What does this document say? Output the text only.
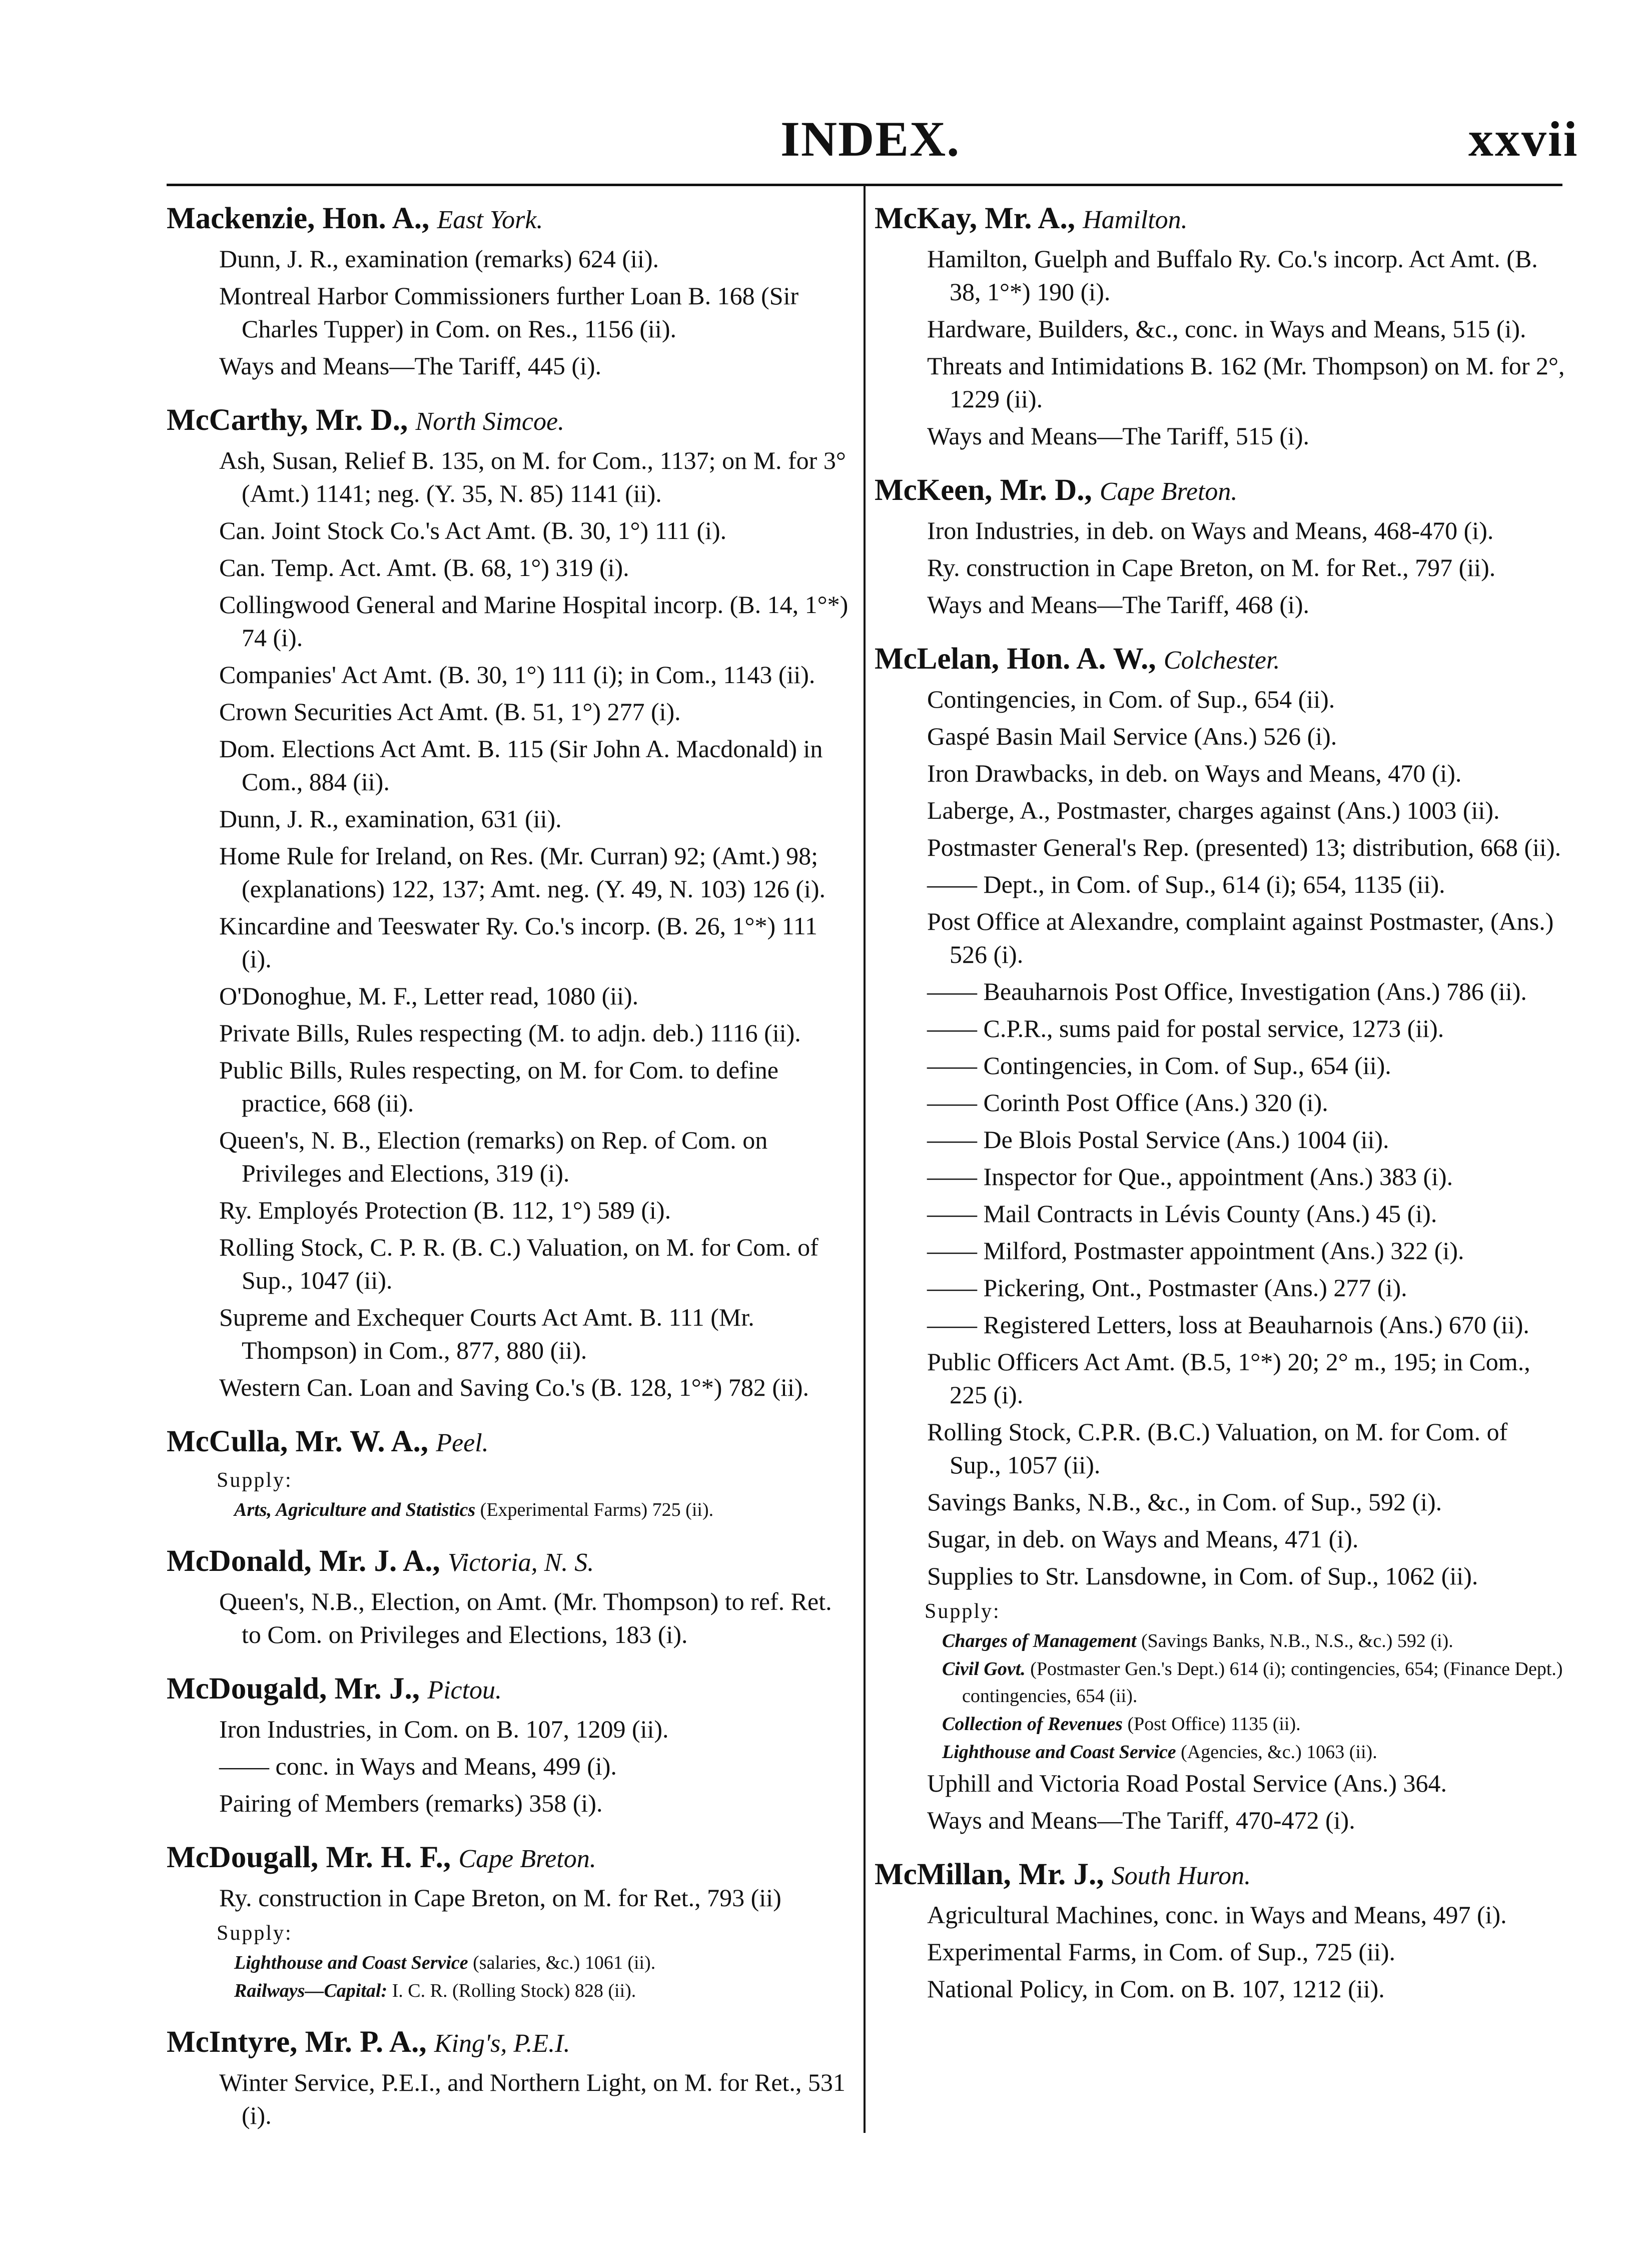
INDEX.	xxvii
Mackenzie, Hon. A., East York.
Dunn, J. R., examination (remarks) 624 (ii).
Montreal Harbor Commissioners further Loan B. 168 (Sir Charles Tupper) in Com. on Res., 1156 (ii).
Ways and Means—The Tariff, 445 (i).
McCarthy, Mr. D., North Simcoe.
Ash, Susan, Relief B. 135, on M. for Com., 1137; on M. for 3° (Amt.) 1141; neg. (Y. 35, N. 85) 1141 (ii).
Can. Joint Stock Co.'s Act Amt. (B. 30, 1°) 111 (i).
Can. Temp. Act. Amt. (B. 68, 1°) 319 (i).
Collingwood General and Marine Hospital incorp. (B. 14, 1°*) 74 (i).
Companies' Act Amt. (B. 30, 1°) 111 (i); in Com., 1143 (ii).
Crown Securities Act Amt. (B. 51, 1°) 277 (i).
Dom. Elections Act Amt. B. 115 (Sir John A. Macdonald) in Com., 884 (ii).
Dunn, J. R., examination, 631 (ii).
Home Rule for Ireland, on Res. (Mr. Curran) 92; (Amt.) 98; (explanations) 122, 137; Amt. neg. (Y. 49, N. 103) 126 (i).
Kincardine and Teeswater Ry. Co.'s incorp. (B. 26, 1°*) 111 (i).
O'Donoghue, M. F., Letter read, 1080 (ii).
Private Bills, Rules respecting (M. to adjn. deb.) 1116 (ii).
Public Bills, Rules respecting, on M. for Com. to define practice, 668 (ii).
Queen's, N. B., Election (remarks) on Rep. of Com. on Privileges and Elections, 319 (i).
Ry. Employés Protection (B. 112, 1°) 589 (i).
Rolling Stock, C. P. R. (B. C.) Valuation, on M. for Com. of Sup., 1047 (ii).
Supreme and Exchequer Courts Act Amt. B. 111 (Mr. Thompson) in Com., 877, 880 (ii).
Western Can. Loan and Saving Co.'s (B. 128, 1°*) 782 (ii).
McCulla, Mr. W. A., Peel.
Supply:
Arts, Agriculture and Statistics (Experimental Farms) 725 (ii).
McDonald, Mr. J. A., Victoria, N. S.
Queen's, N.B., Election, on Amt. (Mr. Thompson) to ref. Ret. to Com. on Privileges and Elections, 183 (i).
McDougald, Mr. J., Pictou.
Iron Industries, in Com. on B. 107, 1209 (ii).
—— conc. in Ways and Means, 499 (i).
Pairing of Members (remarks) 358 (i).
McDougall, Mr. H. F., Cape Breton.
Ry. construction in Cape Breton, on M. for Ret., 793 (ii)
Supply:
Lighthouse and Coast Service (salaries, &c.) 1061 (ii).
Railways—Capital: I. C. R. (Rolling Stock) 828 (ii).
McIntyre, Mr. P. A., King's, P.E.I.
Winter Service, P.E.I., and Northern Light, on M. for Ret., 531 (i).
McKay, Mr. A., Hamilton.
Hamilton, Guelph and Buffalo Ry. Co.'s incorp. Act Amt. (B. 38, 1°*) 190 (i).
Hardware, Builders, &c., conc. in Ways and Means, 515 (i).
Threats and Intimidations B. 162 (Mr. Thompson) on M. for 2°, 1229 (ii).
Ways and Means—The Tariff, 515 (i).
McKeen, Mr. D., Cape Breton.
Iron Industries, in deb. on Ways and Means, 468-470 (i).
Ry. construction in Cape Breton, on M. for Ret., 797 (ii).
Ways and Means—The Tariff, 468 (i).
McLelan, Hon. A. W., Colchester.
Contingencies, in Com. of Sup., 654 (ii).
Gaspé Basin Mail Service (Ans.) 526 (i).
Iron Drawbacks, in deb. on Ways and Means, 470 (i).
Laberge, A., Postmaster, charges against (Ans.) 1003 (ii).
Postmaster General's Rep. (presented) 13; distribution, 668 (ii).
—— Dept., in Com. of Sup., 614 (i); 654, 1135 (ii).
Post Office at Alexandre, complaint against Postmaster, (Ans.) 526 (i).
—— Beauharnois Post Office, Investigation (Ans.) 786 (ii).
—— C.P.R., sums paid for postal service, 1273 (ii).
—— Contingencies, in Com. of Sup., 654 (ii).
—— Corinth Post Office (Ans.) 320 (i).
—— De Blois Postal Service (Ans.) 1004 (ii).
—— Inspector for Que., appointment (Ans.) 383 (i).
—— Mail Contracts in Lévis County (Ans.) 45 (i).
—— Milford, Postmaster appointment (Ans.) 322 (i).
—— Pickering, Ont., Postmaster (Ans.) 277 (i).
—— Registered Letters, loss at Beauharnois (Ans.) 670 (ii).
Public Officers Act Amt. (B.5, 1°*) 20; 2° m., 195; in Com., 225 (i).
Rolling Stock, C.P.R. (B.C.) Valuation, on M. for Com. of Sup., 1057 (ii).
Savings Banks, N.B., &c., in Com. of Sup., 592 (i).
Sugar, in deb. on Ways and Means, 471 (i).
Supplies to Str. Lansdowne, in Com. of Sup., 1062 (ii).
Supply:
Charges of Management (Savings Banks, N.B., N.S., &c.) 592 (i).
Civil Govt. (Postmaster Gen.'s Dept.) 614 (i); contingencies, 654; (Finance Dept.) contingencies, 654 (ii).
Collection of Revenues (Post Office) 1135 (ii).
Lighthouse and Coast Service (Agencies, &c.) 1063 (ii).
Uphill and Victoria Road Postal Service (Ans.) 364.
Ways and Means—The Tariff, 470-472 (i).
McMillan, Mr. J., South Huron.
Agricultural Machines, conc. in Ways and Means, 497 (i).
Experimental Farms, in Com. of Sup., 725 (ii).
National Policy, in Com. on B. 107, 1212 (ii).
